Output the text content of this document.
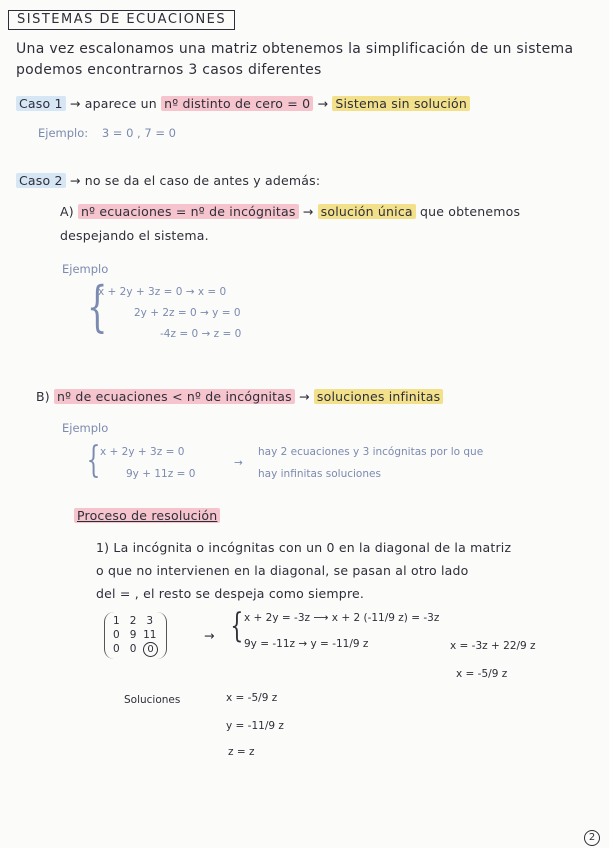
SISTEMAS DE ECUACIONES
Una vez escalonamos una matriz obtenemos la simplificación de un sistema
podemos encontrarnos 3 casos diferentes
Caso 1 → aparece un nº distinto de cero = 0 → Sistema sin solución
Ejemplo: 3 = 0 , 7 = 0
Caso 2 → no se da el caso de antes y además:
A) nº ecuaciones = nº de incógnitas → solución única que obtenemos
despejando el sistema.
Ejemplo
{
x + 2y + 3z = 0 → x = 0
2y + 2z = 0 → y = 0
-4z = 0 → z = 0
B) nº de ecuaciones < nº de incógnitas → soluciones infinitas
Ejemplo
{ x + 2y + 3z = 0
9y + 11z = 0
→
hay 2 ecuaciones y 3 incógnitas por lo que
hay infinitas soluciones
Proceso de resolución
1) La incógnita o incógnitas con un 0 en la diagonal de la matriz
o que no intervienen en la diagonal, se pasan al otro lado
del = , el resto se despeja como siempre.
1 2 3
0 9 11
0 0 0
→ { x + 2y = -3z ⟶ x + 2 (-11/9 z) = -3z
9y = -11z → y = -11/9 z	x = -3z + 22/9 z
x = -5/9 z
Soluciones	x = -5/9 z
y = -11/9 z
z = z
2
